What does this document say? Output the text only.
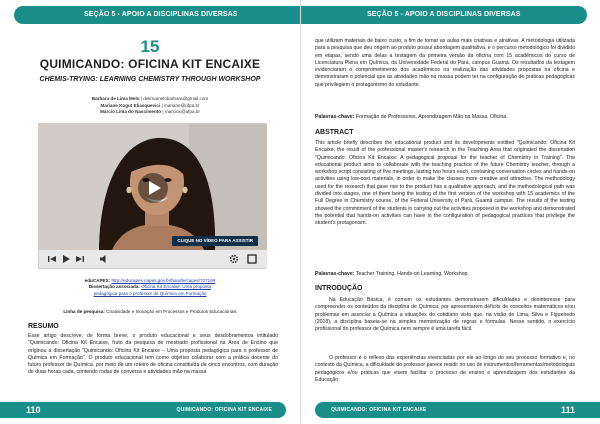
SEÇÃO 5 - APOIO A DISCIPLINAS DIVERSAS
15
QUIMICANDO: OFICINA KIT ENCAIXE
CHEMIS-TRYING: LEARNING CHEMISTRY THROUGH WORKSHOP
Barbara de Lima Melo | delimamelobarbara@gmail.com
Mariane Kogut Eliasquevici | mariane@ufpa.br
Márcio Lima do Nascimento | marciox@ufpa.br
CLIQUE NO VÍDEO PARA ASSISTIR
eduCAPES: http://educapes.capes.gov.br/handle/capes/727169
Dissertação associada: Oficina Kit Encaixe: Uma proposta
pedagógica para o professor de Química em Formação
Linha de pesquisa: Criatividade e Inovação em Processos e Produtos Educacionais
RESUMO
Esse artigo descreve, de forma breve, o produto educacional e seus desdobramentos intitulado "Quimicando: Oficina Kit Encaixe, fruto da pesquisa de mestrado profissional na Área de Ensino que originou a dissertação "Quimicando: Oficina Kit Encaixe – Uma proposta pedagógica para o professor de Química em Formação". O produto educacional tem como objetivo colaborar com a prática docente do futuro professor de Química, por meio de um roteiro de oficina constituída de cinco encontros, com duração de duas horas cada, contendo rodas de conversa e atividades mão na massa
110	QUIMICANDO: OFICINA KIT ENCAIXE
SEÇÃO 5 - APOIO A DISCIPLINAS DIVERSAS
que utilizam materiais de baixo custo, a fim de tornar as aulas mais criativas e atrativas. A metodologia utilizada para a pesquisa que deu origem ao produto possui abordagem qualitativa, e o percurso metodológico foi dividido em etapas, sendo uma delas a testagem da primeira versão da oficina com 15 acadêmicos do curso de Licenciatura Plena em Química, da Universidade Federal do Pará, campus Guamá. Os resultados da testagem evidenciaram o comprometimento dos acadêmicos na realização das atividades propostas na oficina e demonstraram o potencial que as atividades mão na massa podem ter na configuração de práticas pedagógicas que privilegiem o protagonismo do estudante.
Palavras-chave: Formação de Professores. Aprendizagem Mão na Massa. Oficina.
ABSTRACT
This article briefly describes the educational product and its developments entitled "Quimicando: Oficina Kit Encaixe, the result of the professional master's research in the Teaching Area that originated the dissertation "Quimicando: Oficina Kit Encaixe: A pedagogical proposal for the teacher of Chemistry in Training". The educational product aims to collaborate with the teaching practice of the future Chemistry teacher, through a workshop script consisting of five meetings, lasting two hours each, containing conversation circles and hands-on activities using low-cost materials, in order to make the classes more creative and attractive. The methodology used for the research that gave rise to the product has a qualitative approach, and the methodological path was divided into stages, one of them being the testing of the first version of the workshop with 15 academics of the Full Degree in Chemistry course, of the Federal University of Pará, Guamá campus. The results of the testing showed the commitment of the students in carrying out the activities proposed in the workshop and demonstrated the potential that hands-on activities can have in the configuration of pedagogical practices that privilege the student's protagonism.
Palavras-chave: Teacher Training. Hands-on Learning. Workshop.
INTRODUÇÃO
Na Educação Básica, é comum os estudantes demonstrarem dificuldades e desinteresse para compreender os conteúdos da disciplina de Química, por apresentarem déficits de conceitos matemáticos e/ou problemas em associar a Química a situações do cotidiano visto que, na visão de Lima, Silva e Figueiredo (2018), a disciplina baseia-se na simples memorização de regras e fórmulas. Nesse sentido, o exercício profissional do professor de Química nem sempre é uma tarefa fácil.
O professor é o reflexo das experiências vivenciadas por ele ao longo do seu processo formativo e, no contexto da Química, a dificuldade do professor parece residir no uso de instrumentos/ferramentas/metodologias pedagógicos e/ou práticas que visem facilitar o processo de ensino e aprendizagem dos estudantes da Educação
QUIMICANDO: OFICINA KIT ENCAIXE	111
